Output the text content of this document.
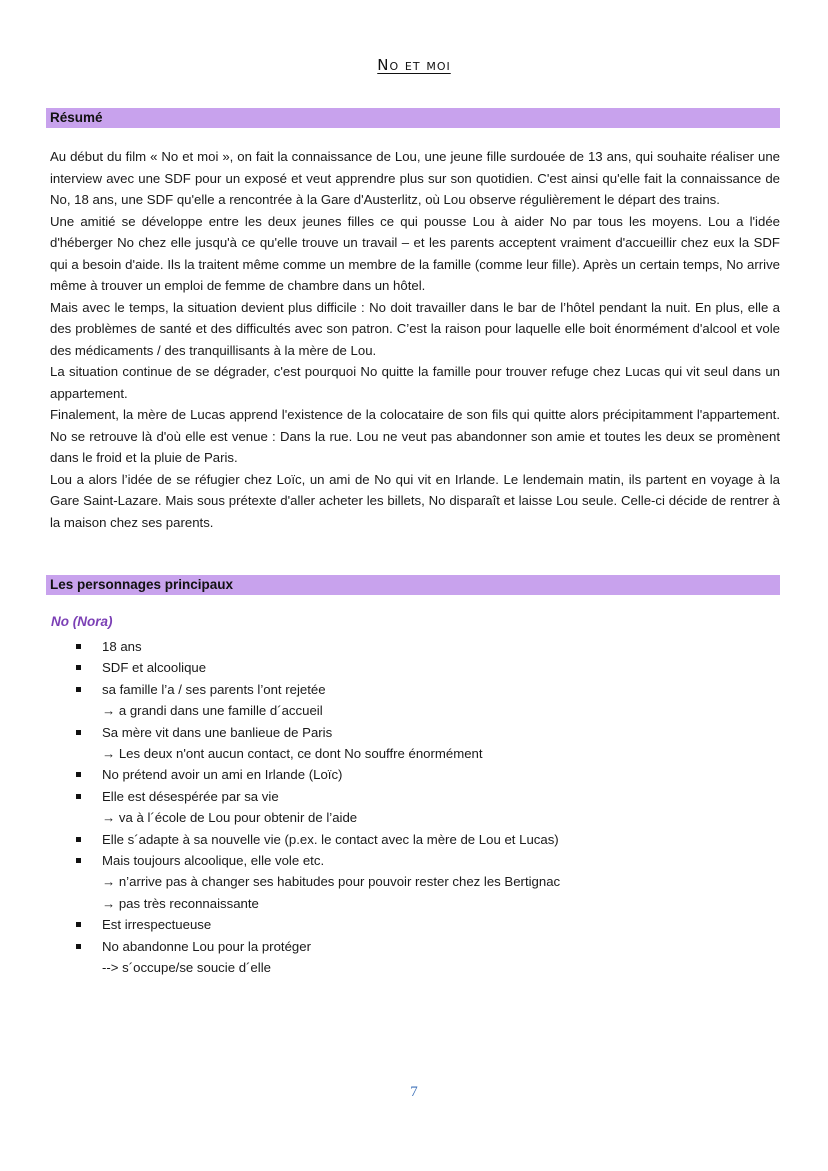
No et moi
Résumé

Au début du film « No et moi », on fait la connaissance de Lou, une jeune fille surdouée de 13 ans, qui souhaite réaliser une interview avec une SDF pour un exposé et veut apprendre plus sur son quotidien. C'est ainsi qu'elle fait la connaissance de No, 18 ans, une SDF qu'elle a rencontrée à la Gare d'Austerlitz, où Lou observe régulièrement le départ des trains.

Une amitié se développe entre les deux jeunes filles ce qui pousse Lou à aider No par tous les moyens. Lou a l'idée d'héberger No chez elle jusqu'à ce qu'elle trouve un travail – et les parents acceptent vraiment d'accueillir chez eux la SDF qui a besoin d'aide. Ils la traitent même comme un membre de la famille (comme leur fille). Après un certain temps, No arrive même à trouver un emploi de femme de chambre dans un hôtel.

Mais avec le temps, la situation devient plus difficile : No doit travailler dans le bar de l’hôtel pendant la nuit. En plus, elle a des problèmes de santé et des difficultés avec son patron. C’est la raison pour laquelle elle boit énormément d'alcool et vole des médicaments / des tranquillisants à la mère de Lou.

La situation continue de se dégrader, c'est pourquoi No quitte la famille pour trouver refuge chez Lucas qui vit seul dans un appartement.

Finalement, la mère de Lucas apprend l'existence de la colocataire de son fils qui quitte alors précipitamment l'appartement. No se retrouve là d'où elle est venue : Dans la rue. Lou ne veut pas abandonner son amie et toutes les deux se promènent dans le froid et la pluie de Paris.

Lou a alors l’idée de se réfugier chez Loïc, un ami de No qui vit en Irlande. Le lendemain matin, ils partent en voyage à la Gare Saint-Lazare. Mais sous prétexte d'aller acheter les billets, No disparaît et laisse Lou seule. Celle-ci décide de rentrer à la maison chez ses parents.

Les personnages principaux
No (Nora)
18 ans
SDF et alcoolique
sa famille l’a / ses parents l’ont rejetée
→ a grandi dans une famille d´accueil
Sa mère vit dans une banlieue de Paris
→ Les deux n'ont aucun contact, ce dont No souffre énormément
No prétend avoir un ami en Irlande (Loïc)
Elle est désespérée par sa vie
→ va à l´école de Lou pour obtenir de l’aide
Elle s´adapte à sa nouvelle vie (p.ex. le contact avec la mère de Lou et Lucas)
Mais toujours alcoolique, elle vole etc.
→ n’arrive pas à changer ses habitudes pour pouvoir rester chez les Bertignac
→ pas très reconnaissante
Est irrespectueuse
No abandonne Lou pour la protéger
--> s´occupe/se soucie d´elle
7
